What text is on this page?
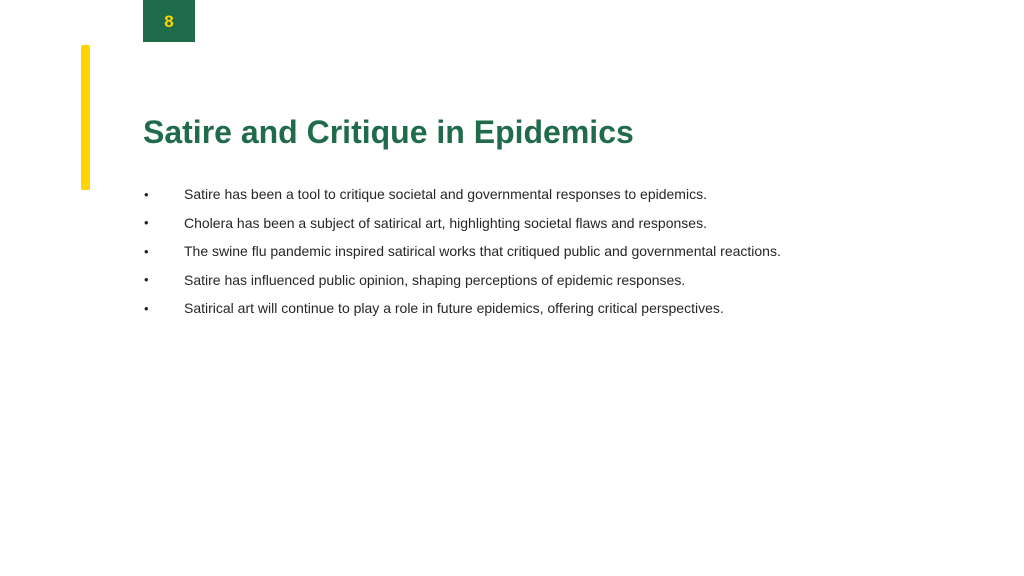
8
Satire and Critique in Epidemics
•	Satire has been a tool to critique societal and governmental responses to epidemics.
•	Cholera has been a subject of satirical art, highlighting societal flaws and responses.
•	The swine flu pandemic inspired satirical works that critiqued public and governmental reactions.
•	Satire has influenced public opinion, shaping perceptions of epidemic responses.
•	Satirical art will continue to play a role in future epidemics, offering critical perspectives.
